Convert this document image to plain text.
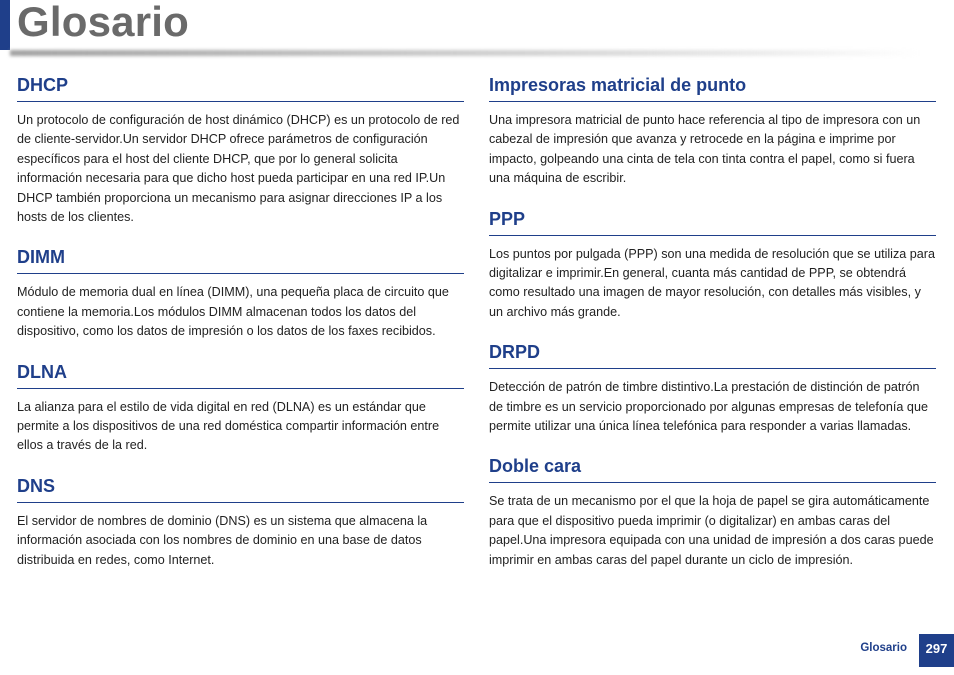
Glosario
DHCP

Un protocolo de configuración de host dinámico (DHCP) es un protocolo de red de cliente-servidor.Un servidor DHCP ofrece parámetros de configuración específicos para el host del cliente DHCP, que por lo general solicita información necesaria para que dicho host pueda participar en una red IP.Un DHCP también proporciona un mecanismo para asignar direcciones IP a los hosts de los clientes.

DIMM

Módulo de memoria dual en línea (DIMM), una pequeña placa de circuito que contiene la memoria.Los módulos DIMM almacenan todos los datos del dispositivo, como los datos de impresión o los datos de los faxes recibidos.

DLNA

La alianza para el estilo de vida digital en red (DLNA) es un estándar que permite a los dispositivos de una red doméstica compartir información entre ellos a través de la red.

DNS

El servidor de nombres de dominio (DNS) es un sistema que almacena la información asociada con los nombres de dominio en una base de datos distribuida en redes, como Internet.

Impresoras matricial de punto

Una impresora matricial de punto hace referencia al tipo de impresora con un cabezal de impresión que avanza y retrocede en la página e imprime por impacto, golpeando una cinta de tela con tinta contra el papel, como si fuera una máquina de escribir.

PPP

Los puntos por pulgada (PPP) son una medida de resolución que se utiliza para digitalizar e imprimir.En general, cuanta más cantidad de PPP, se obtendrá como resultado una imagen de mayor resolución, con detalles más visibles, y un archivo más grande.

DRPD

Detección de patrón de timbre distintivo.La prestación de distinción de patrón de timbre es un servicio proporcionado por algunas empresas de telefonía que permite utilizar una única línea telefónica para responder a varias llamadas.

Doble cara

Se trata de un mecanismo por el que la hoja de papel se gira automáticamente para que el dispositivo pueda imprimir (o digitalizar) en ambas caras del papel.Una impresora equipada con una unidad de impresión a dos caras puede imprimir en ambas caras del papel durante un ciclo de impresión.

Glosario	297
